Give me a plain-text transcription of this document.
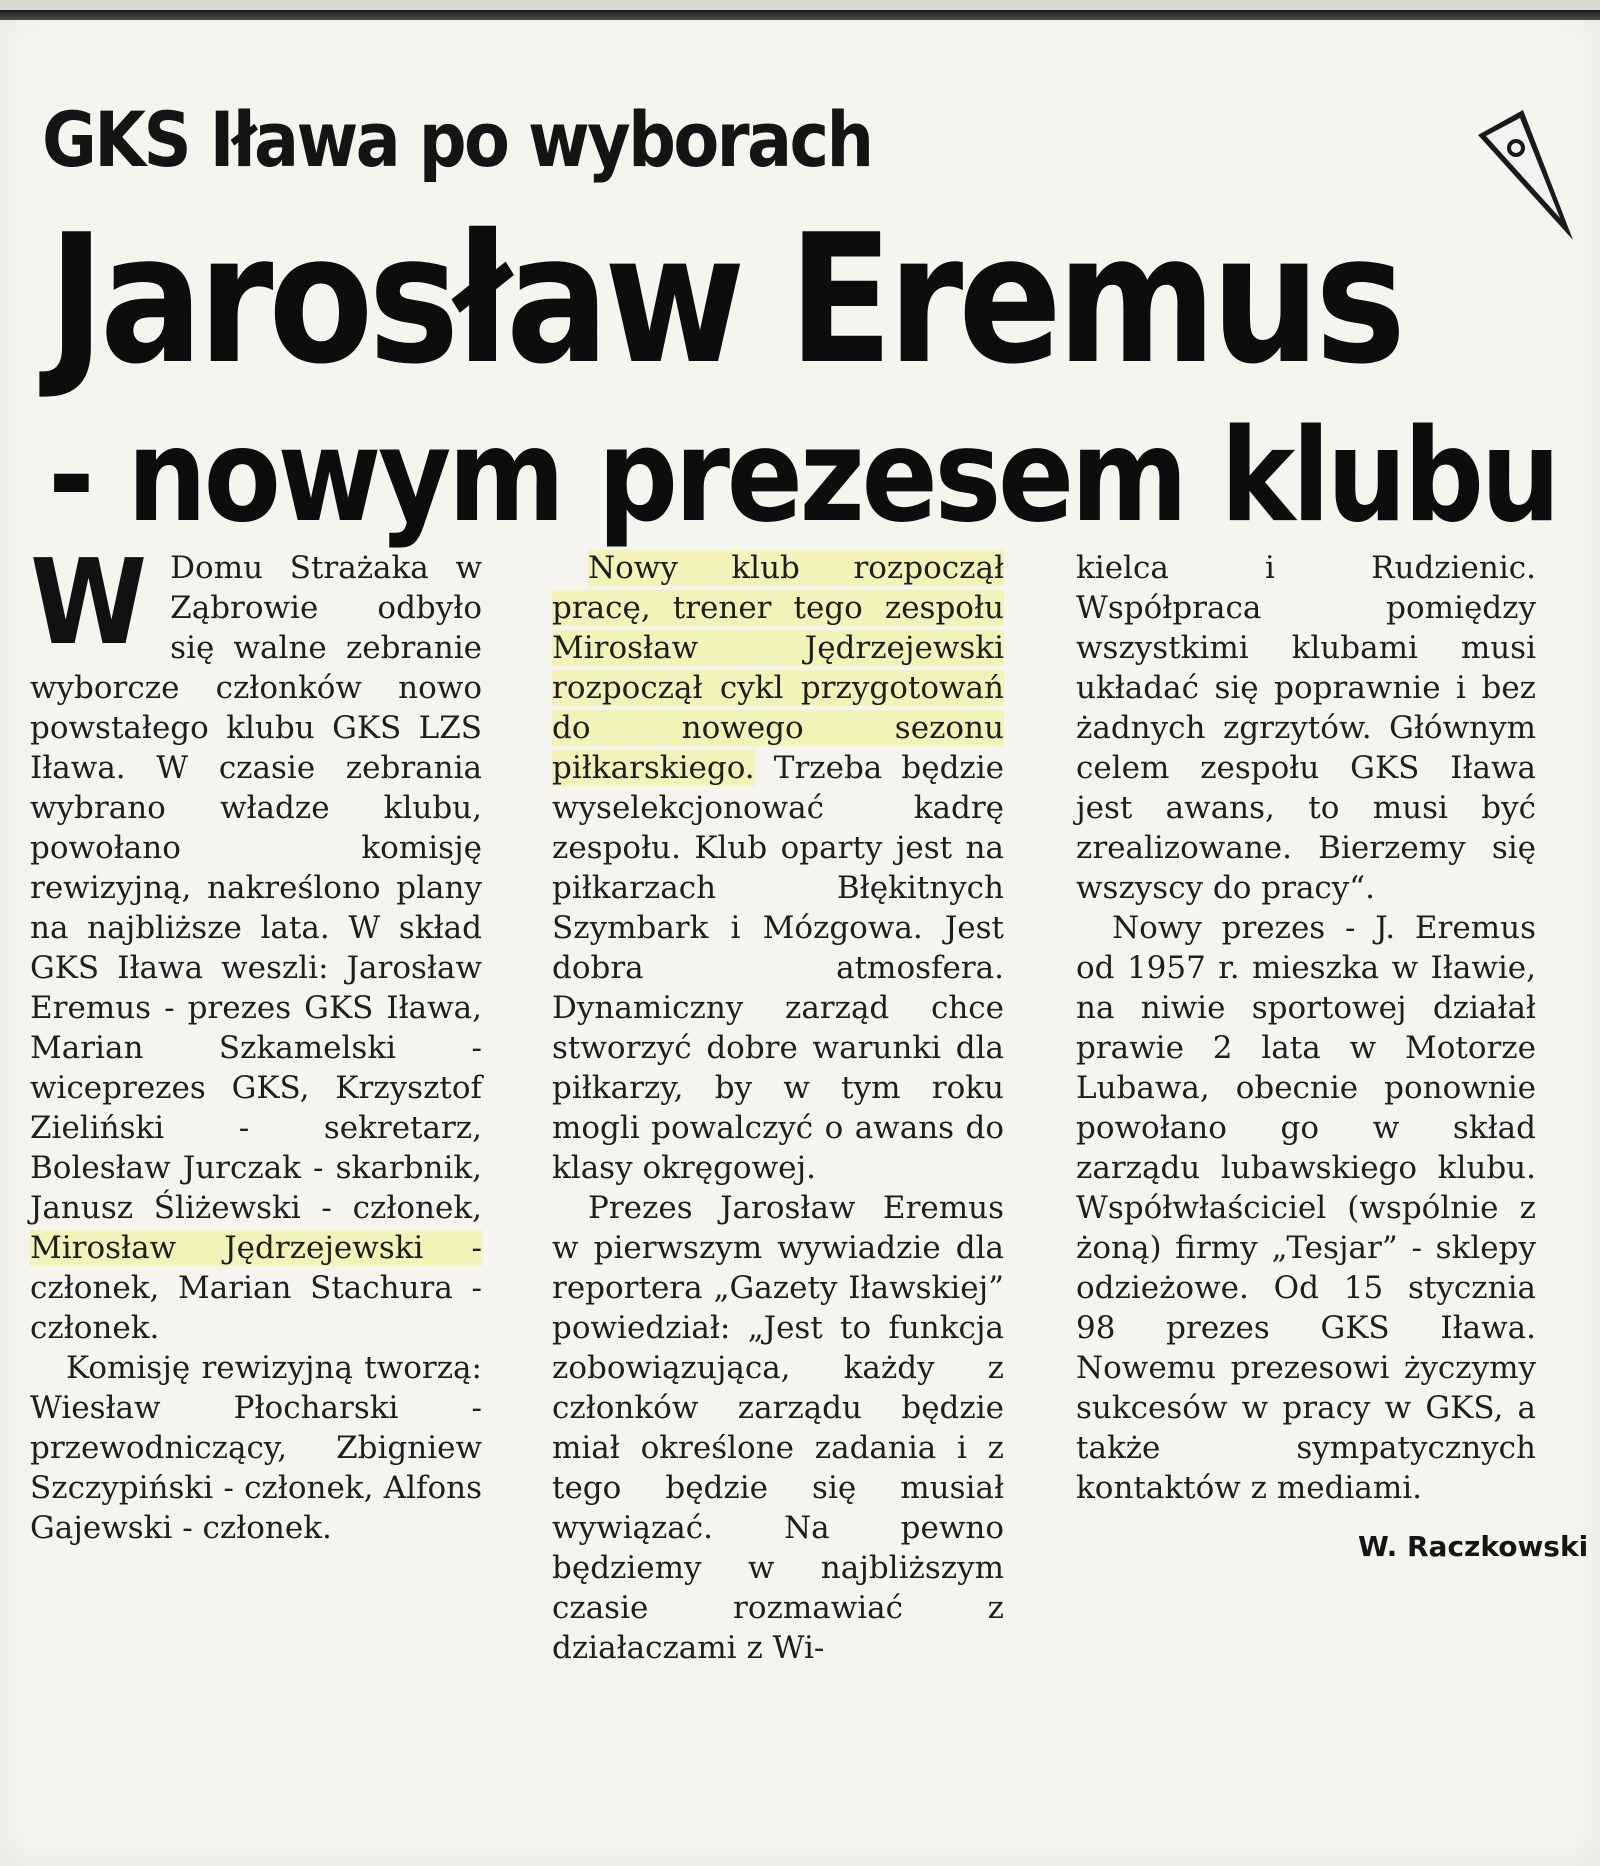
GKS Iława po wyborach
Jarosław Eremus
- nowym prezesem klubu

W Domu Strażaka w Ząbrowie odbyło się walne zebranie wyborcze członków nowo powstałego klubu GKS LZS Iława. W czasie zebrania wybrano władze klubu, powołano komisję rewizyjną, nakreślono plany na najbliższe lata. W skład GKS Iława weszli: Jarosław Eremus - prezes GKS Iława, Marian Szkamelski - wiceprezes GKS, Krzysztof Zieliński - sekretarz, Bolesław Jurczak - skarbnik, Janusz Śliżewski - członek, Mirosław Jędrzejewski - członek, Marian Stachura - członek.

Komisję rewizyjną tworzą: Wiesław Płocharski - przewodniczący, Zbigniew Szczypiński - członek, Alfons Gajewski - członek.

Nowy klub rozpoczął pracę, trener tego zespołu Mirosław Jędrzejewski rozpoczął cykl przygotowań do nowego sezonu piłkarskiego. Trzeba będzie wyselekcjonować kadrę zespołu. Klub oparty jest na piłkarzach Błękitnych Szymbark i Mózgowa. Jest dobra atmosfera. Dynamiczny zarząd chce stworzyć dobre warunki dla piłkarzy, by w tym roku mogli powalczyć o awans do klasy okręgowej.

Prezes Jarosław Eremus w pierwszym wywiadzie dla reportera „Gazety Iławskiej” powiedział: „Jest to funkcja zobowiązująca, każdy z członków zarządu będzie miał określone zadania i z tego będzie się musiał wywiązać. Na pewno będziemy w najbliższym czasie rozmawiać z działaczami z Wi-

kielca i Rudzienic. Współpraca pomiędzy wszystkimi klubami musi układać się poprawnie i bez żadnych zgrzytów. Głównym celem zespołu GKS Iława jest awans, to musi być zrealizowane. Bierzemy się wszyscy do pracy“.

Nowy prezes - J. Eremus od 1957 r. mieszka w Iławie, na niwie sportowej działał prawie 2 lata w Motorze Lubawa, obecnie ponownie powołano go w skład zarządu lubawskiego klubu. Współwłaściciel (wspólnie z żoną) firmy „Tesjar” - sklepy odzieżowe. Od 15 stycznia 98 prezes GKS Iława. Nowemu prezesowi życzymy sukcesów w pracy w GKS, a także sympatycznych kontaktów z mediami.

W. Raczkowski
